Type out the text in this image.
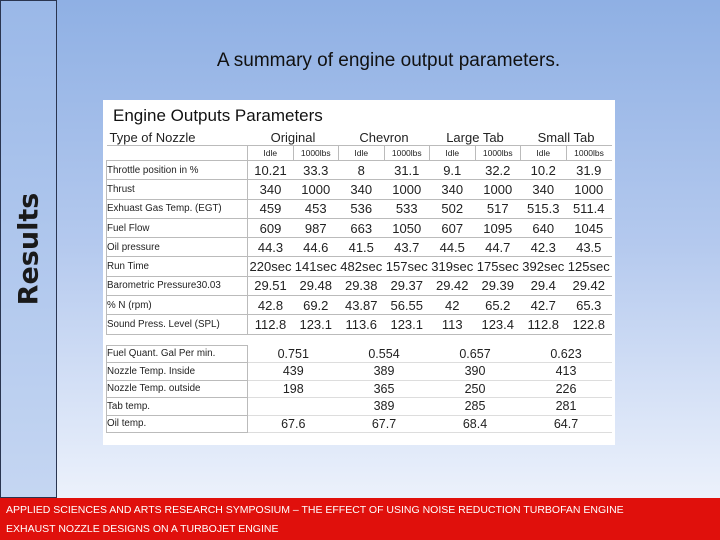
Results
A summary of engine output parameters.
Engine Outputs Parameters
Type of Nozzle	Original		Chevron		Large Tab		Small Tab	
	Idle	1000lbs	Idle	1000lbs	Idle	1000lbs	Idle	1000lbs
Throttle position in %	10.21	33.3	8	31.1	9.1	32.2	10.2	31.9
Thrust	340	1000	340	1000	340	1000	340	1000
Exhuast Gas Temp. (EGT)	459	453	536	533	502	517	515.3	511.4
Fuel Flow	609	987	663	1050	607	1095	640	1045
Oil pressure	44.3	44.6	41.5	43.7	44.5	44.7	42.3	43.5
Run Time	220sec	141sec	482sec	157sec	319sec	175sec	392sec	125sec
Barometric Pressure30.03	29.51	29.48	29.38	29.37	29.42	29.39	29.4	29.42
% N (rpm)	42.8	69.2	43.87	56.55	42	65.2	42.7	65.3
Sound Press. Level (SPL)	112.8	123.1	113.6	123.1	113	123.4	112.8	122.8

Fuel Quant. Gal Per min.	0.751		0.554		0.657		0.623	
Nozzle Temp. Inside	439		389		390		413	
Nozzle Temp. outside	198		365		250		226	
Tab temp.			389		285		281	
Oil temp.	67.6		67.7		68.4		64.7	
APPLIED SCIENCES AND ARTS RESEARCH SYMPOSIUM – THE EFFECT OF USING NOISE REDUCTION TURBOFAN ENGINE
EXHAUST NOZZLE DESIGNS ON A TURBOJET ENGINE
